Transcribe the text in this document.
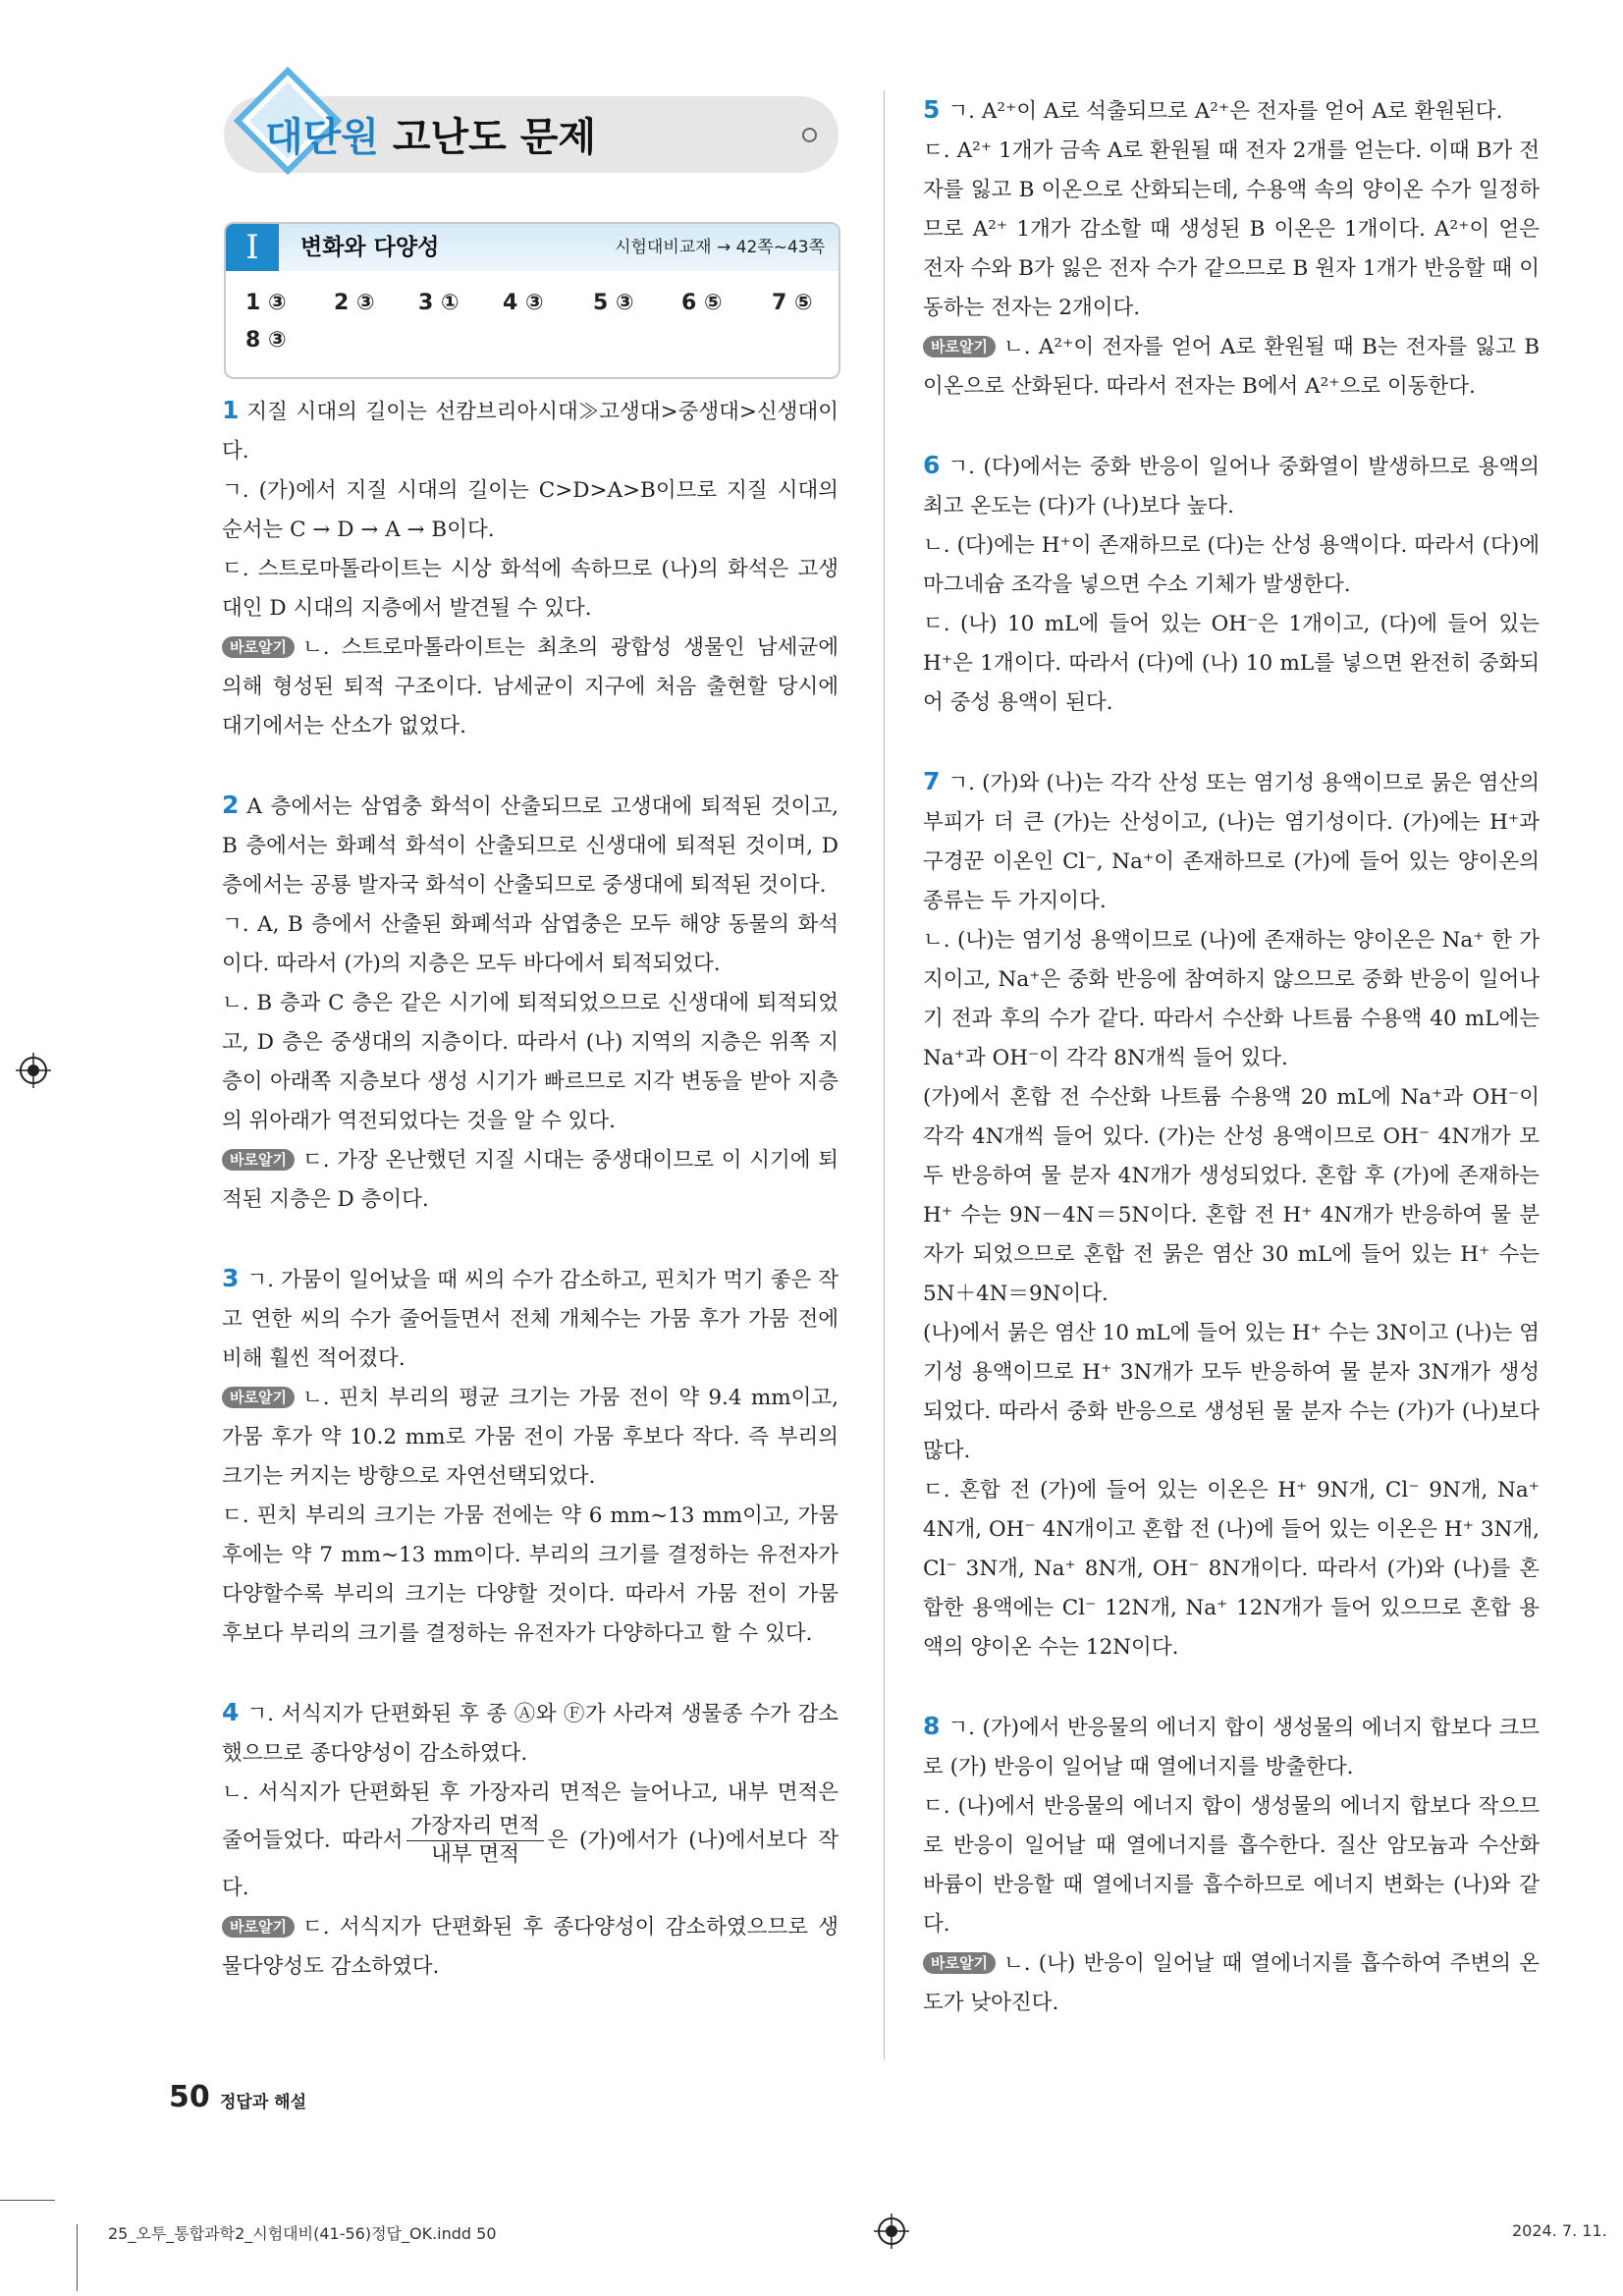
대단원 고난도 문제
I	변화와 다양성	시험대비교재 → 42쪽~43쪽
1 ③ 2 ③ 3 ① 4 ③ 5 ③ 6 ⑤ 7 ⑤
8 ③

1 지질 시대의 길이는 선캄브리아시대≫고생대>중생대>신생대이다.

ㄱ. (가)에서 지질 시대의 길이는 C>D>A>B이므로 지질 시대의 순서는 C → D → A → B이다.

ㄷ. 스트로마톨라이트는 시상 화석에 속하므로 (나)의 화석은 고생대인 D 시대의 지층에서 발견될 수 있다.

바로알기 ㄴ. 스트로마톨라이트는 최초의 광합성 생물인 남세균에 의해 형성된 퇴적 구조이다. 남세균이 지구에 처음 출현할 당시에 대기에서는 산소가 없었다.

2 A 층에서는 삼엽충 화석이 산출되므로 고생대에 퇴적된 것이고, B 층에서는 화폐석 화석이 산출되므로 신생대에 퇴적된 것이며, D 층에서는 공룡 발자국 화석이 산출되므로 중생대에 퇴적된 것이다.

ㄱ. A, B 층에서 산출된 화폐석과 삼엽충은 모두 해양 동물의 화석이다. 따라서 (가)의 지층은 모두 바다에서 퇴적되었다.

ㄴ. B 층과 C 층은 같은 시기에 퇴적되었으므로 신생대에 퇴적되었고, D 층은 중생대의 지층이다. 따라서 (나) 지역의 지층은 위쪽 지층이 아래쪽 지층보다 생성 시기가 빠르므로 지각 변동을 받아 지층의 위아래가 역전되었다는 것을 알 수 있다.

바로알기 ㄷ. 가장 온난했던 지질 시대는 중생대이므로 이 시기에 퇴적된 지층은 D 층이다.

3 ㄱ. 가뭄이 일어났을 때 씨의 수가 감소하고, 핀치가 먹기 좋은 작고 연한 씨의 수가 줄어들면서 전체 개체수는 가뭄 후가 가뭄 전에 비해 훨씬 적어졌다.

바로알기 ㄴ. 핀치 부리의 평균 크기는 가뭄 전이 약 9.4 mm이고, 가뭄 후가 약 10.2 mm로 가뭄 전이 가뭄 후보다 작다. 즉 부리의 크기는 커지는 방향으로 자연선택되었다.

ㄷ. 핀치 부리의 크기는 가뭄 전에는 약 6 mm~13 mm이고, 가뭄 후에는 약 7 mm~13 mm이다. 부리의 크기를 결정하는 유전자가 다양할수록 부리의 크기는 다양할 것이다. 따라서 가뭄 전이 가뭄 후보다 부리의 크기를 결정하는 유전자가 다양하다고 할 수 있다.

4 ㄱ. 서식지가 단편화된 후 종 Ⓐ와 Ⓕ가 사라져 생물종 수가 감소했으므로 종다양성이 감소하였다.

ㄴ. 서식지가 단편화된 후 가장자리 면적은 늘어나고, 내부 면적은 줄어들었다. 따라서 $\frac{\text{가장자리 면적}}{\text{내부 면적}}$ 은 (가)에서가 (나)에서보다 작다.

바로알기 ㄷ. 서식지가 단편화된 후 종다양성이 감소하였으므로 생물다양성도 감소하였다.

5 ㄱ. A²⁺이 A로 석출되므로 A²⁺은 전자를 얻어 A로 환원된다.

ㄷ. A²⁺ 1개가 금속 A로 환원될 때 전자 2개를 얻는다. 이때 B가 전자를 잃고 B 이온으로 산화되는데, 수용액 속의 양이온 수가 일정하므로 A²⁺ 1개가 감소할 때 생성된 B 이온은 1개이다. A²⁺이 얻은 전자 수와 B가 잃은 전자 수가 같으므로 B 원자 1개가 반응할 때 이동하는 전자는 2개이다.

바로알기 ㄴ. A²⁺이 전자를 얻어 A로 환원될 때 B는 전자를 잃고 B 이온으로 산화된다. 따라서 전자는 B에서 A²⁺으로 이동한다.

6 ㄱ. (다)에서는 중화 반응이 일어나 중화열이 발생하므로 용액의 최고 온도는 (다)가 (나)보다 높다.

ㄴ. (다)에는 H⁺이 존재하므로 (다)는 산성 용액이다. 따라서 (다)에 마그네슘 조각을 넣으면 수소 기체가 발생한다.

ㄷ. (나) 10 mL에 들어 있는 OH⁻은 1개이고, (다)에 들어 있는 H⁺은 1개이다. 따라서 (다)에 (나) 10 mL를 넣으면 완전히 중화되어 중성 용액이 된다.

7 ㄱ. (가)와 (나)는 각각 산성 또는 염기성 용액이므로 묽은 염산의 부피가 더 큰 (가)는 산성이고, (나)는 염기성이다. (가)에는 H⁺과 구경꾼 이온인 Cl⁻, Na⁺이 존재하므로 (가)에 들어 있는 양이온의 종류는 두 가지이다.

ㄴ. (나)는 염기성 용액이므로 (나)에 존재하는 양이온은 Na⁺ 한 가지이고, Na⁺은 중화 반응에 참여하지 않으므로 중화 반응이 일어나기 전과 후의 수가 같다. 따라서 수산화 나트륨 수용액 40 mL에는 Na⁺과 OH⁻이 각각 8N개씩 들어 있다.

(가)에서 혼합 전 수산화 나트륨 수용액 20 mL에 Na⁺과 OH⁻이 각각 4N개씩 들어 있다. (가)는 산성 용액이므로 OH⁻ 4N개가 모두 반응하여 물 분자 4N개가 생성되었다. 혼합 후 (가)에 존재하는 H⁺ 수는 9N－4N＝5N이다. 혼합 전 H⁺ 4N개가 반응하여 물 분자가 되었으므로 혼합 전 묽은 염산 30 mL에 들어 있는 H⁺ 수는 5N＋4N＝9N이다.

(나)에서 묽은 염산 10 mL에 들어 있는 H⁺ 수는 3N이고 (나)는 염기성 용액이므로 H⁺ 3N개가 모두 반응하여 물 분자 3N개가 생성되었다. 따라서 중화 반응으로 생성된 물 분자 수는 (가)가 (나)보다 많다.

ㄷ. 혼합 전 (가)에 들어 있는 이온은 H⁺ 9N개, Cl⁻ 9N개, Na⁺ 4N개, OH⁻ 4N개이고 혼합 전 (나)에 들어 있는 이온은 H⁺ 3N개, Cl⁻ 3N개, Na⁺ 8N개, OH⁻ 8N개이다. 따라서 (가)와 (나)를 혼합한 용액에는 Cl⁻ 12N개, Na⁺ 12N개가 들어 있으므로 혼합 용액의 양이온 수는 12N이다.

8 ㄱ. (가)에서 반응물의 에너지 합이 생성물의 에너지 합보다 크므로 (가) 반응이 일어날 때 열에너지를 방출한다.

ㄷ. (나)에서 반응물의 에너지 합이 생성물의 에너지 합보다 작으므로 반응이 일어날 때 열에너지를 흡수한다. 질산 암모늄과 수산화 바륨이 반응할 때 열에너지를 흡수하므로 에너지 변화는 (나)와 같다.

바로알기 ㄴ. (나) 반응이 일어날 때 열에너지를 흡수하여 주변의 온도가 낮아진다.

50 정답과 해설
25_오투_통합과학2_시험대비(41-56)정답_OK.indd 50	2024. 7. 11.
